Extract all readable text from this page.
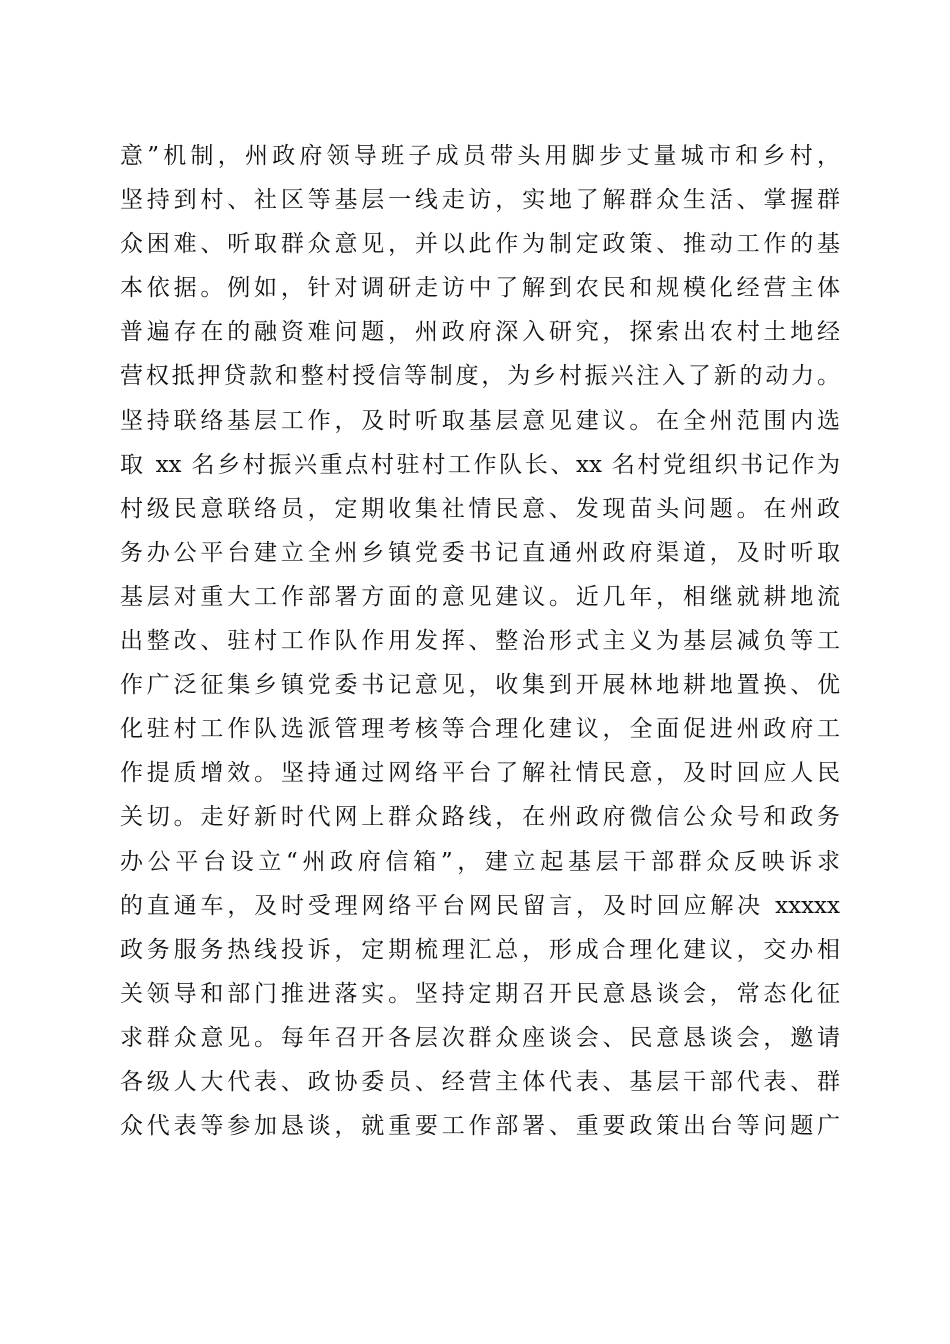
意”机制，州政府领导班子成员带头用脚步丈量城市和乡村，
坚持到村、社区等基层一线走访，实地了解群众生活、掌握群
众困难、听取群众意见，并以此作为制定政策、推动工作的基
本依据。例如，针对调研走访中了解到农民和规模化经营主体
普遍存在的融资难问题，州政府深入研究，探索出农村土地经
营权抵押贷款和整村授信等制度，为乡村振兴注入了新的动力。
坚持联络基层工作，及时听取基层意见建议。在全州范围内选
取 xx 名乡村振兴重点村驻村工作队长、xx 名村党组织书记作为
村级民意联络员，定期收集社情民意、发现苗头问题。在州政
务办公平台建立全州乡镇党委书记直通州政府渠道，及时听取
基层对重大工作部署方面的意见建议。近几年，相继就耕地流
出整改、驻村工作队作用发挥、整治形式主义为基层减负等工
作广泛征集乡镇党委书记意见，收集到开展林地耕地置换、优
化驻村工作队选派管理考核等合理化建议，全面促进州政府工
作提质增效。坚持通过网络平台了解社情民意，及时回应人民
关切。走好新时代网上群众路线，在州政府微信公众号和政务
办公平台设立“州政府信箱”，建立起基层干部群众反映诉求
的直通车，及时受理网络平台网民留言，及时回应解决 xxxxx
政务服务热线投诉，定期梳理汇总，形成合理化建议，交办相
关领导和部门推进落实。坚持定期召开民意恳谈会，常态化征
求群众意见。每年召开各层次群众座谈会、民意恳谈会，邀请
各级人大代表、政协委员、经营主体代表、基层干部代表、群
众代表等参加恳谈，就重要工作部署、重要政策出台等问题广
